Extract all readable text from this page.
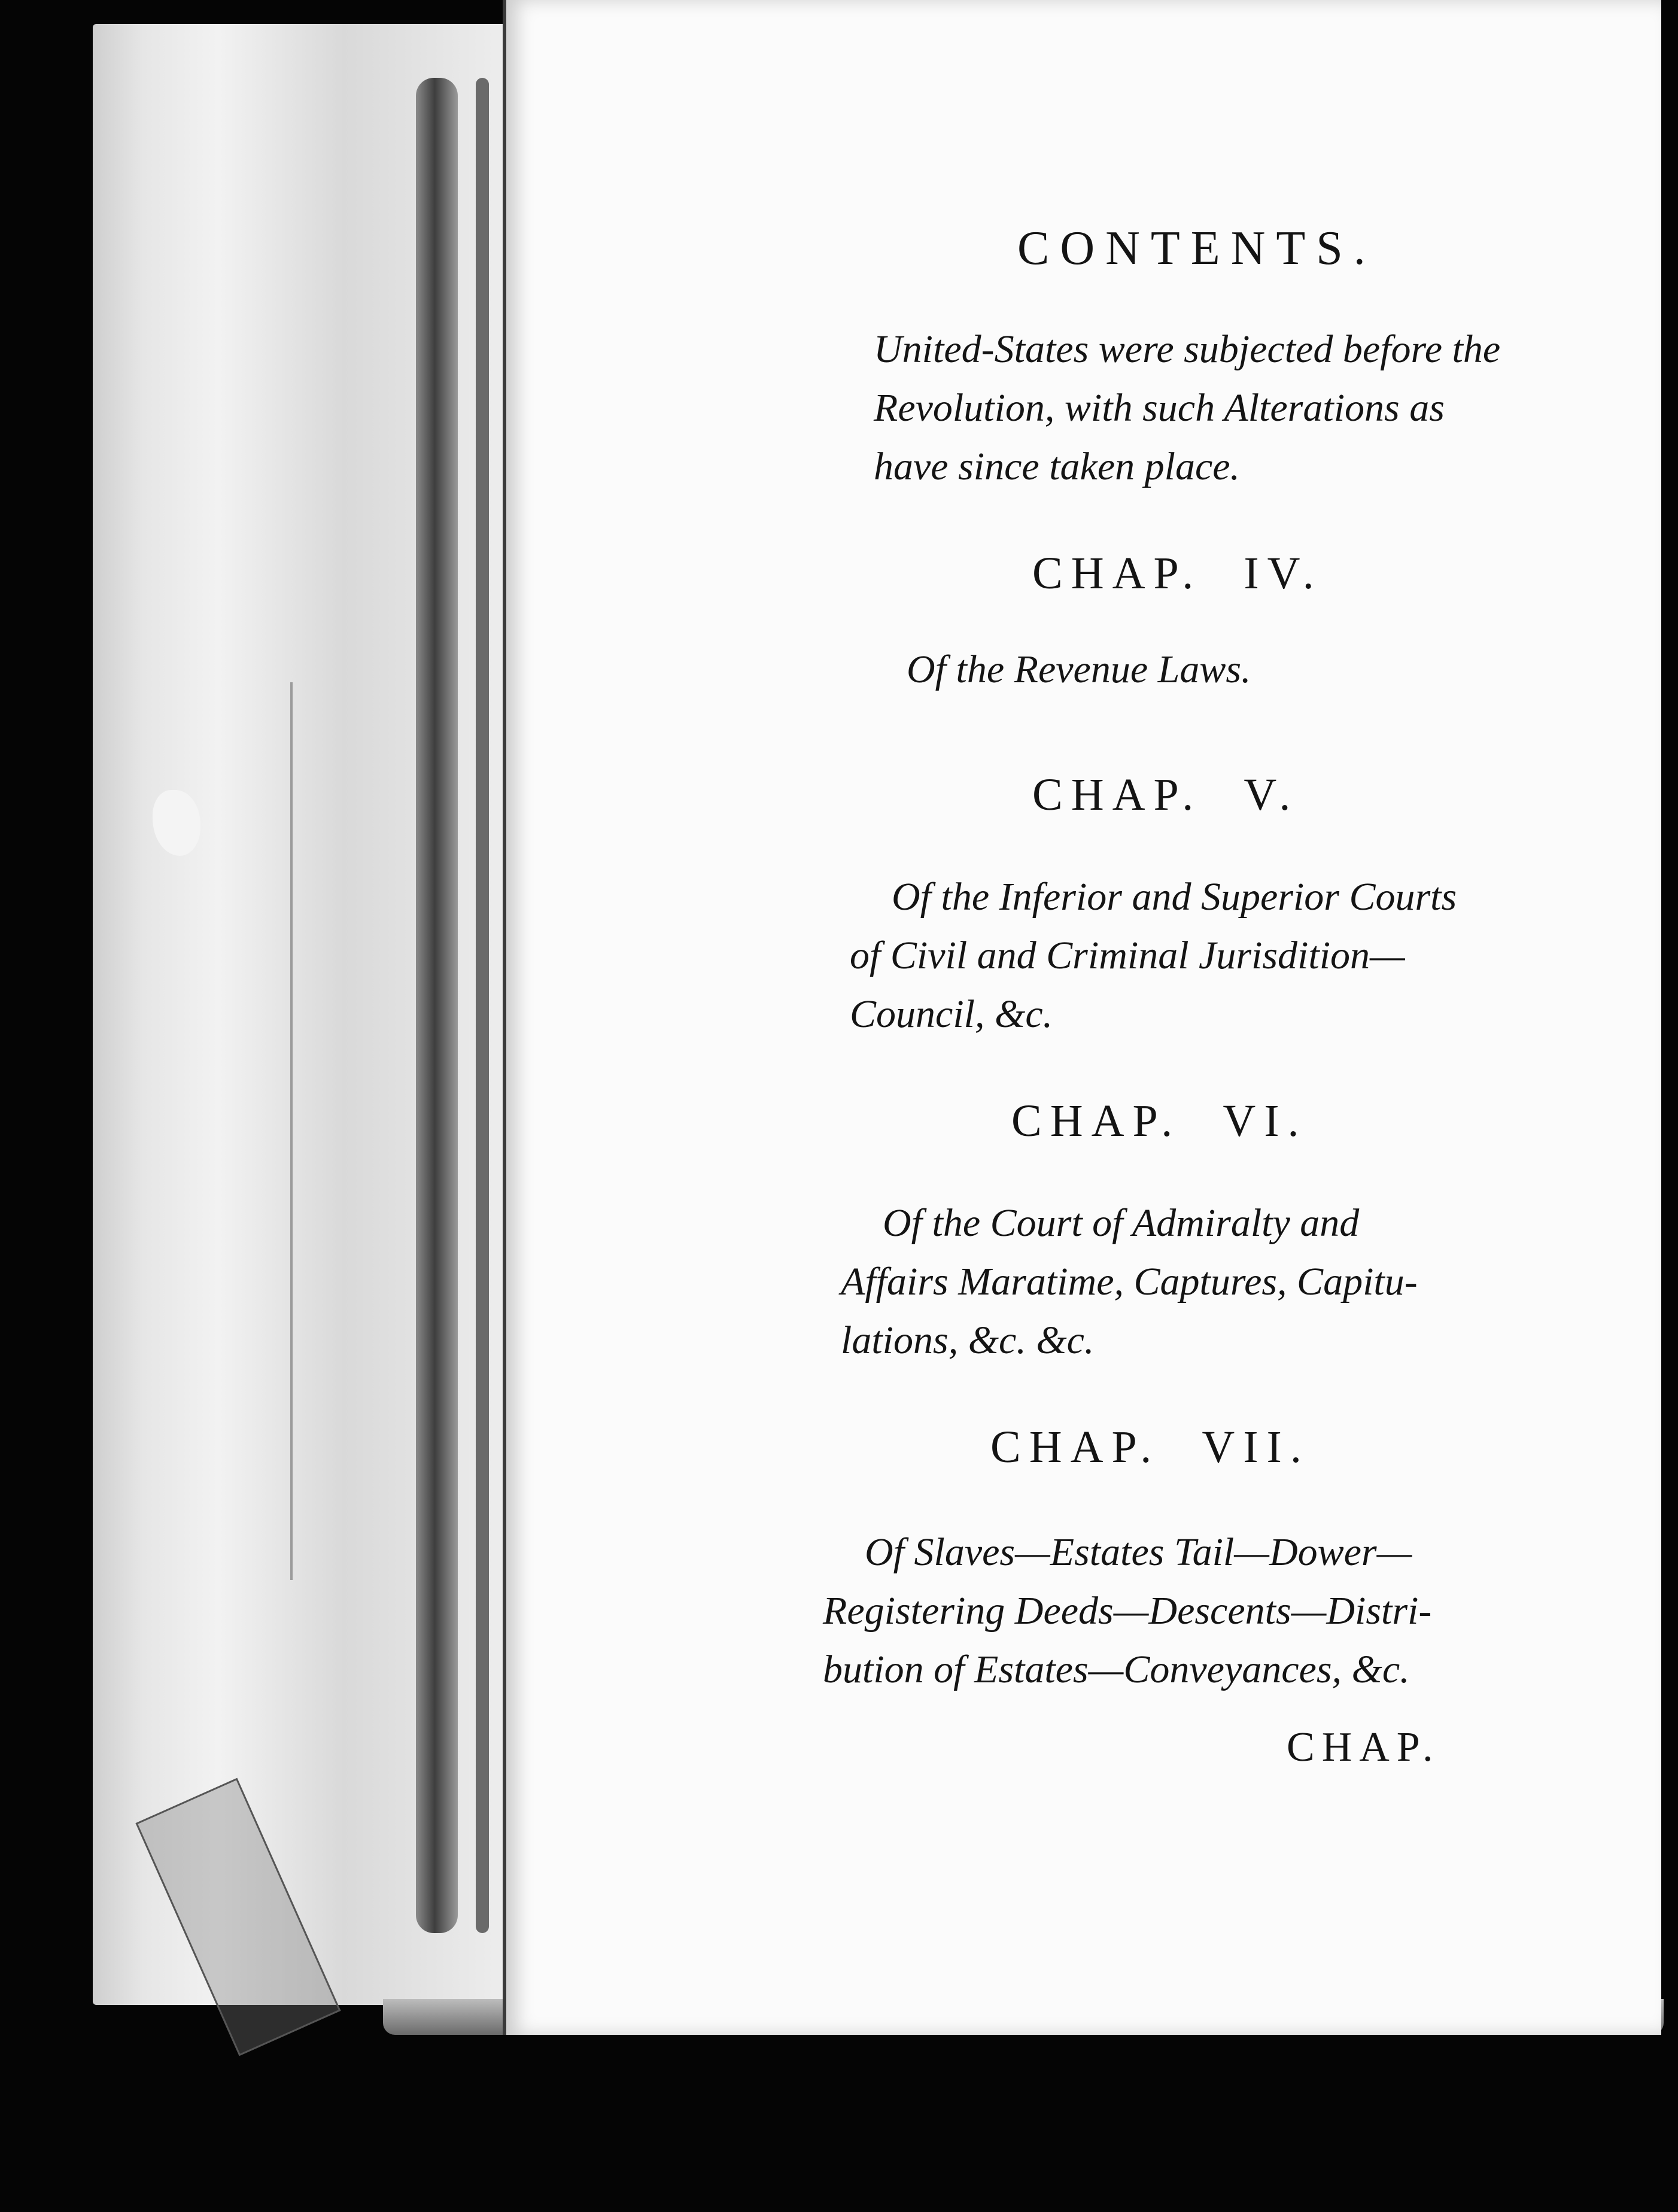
CONTENTS.
United-States were subjected before the
Revolution, with such Alterations as
have since taken place.
CHAP. IV.
Of the Revenue Laws.
CHAP. V.
Of the Inferior and Superior Courts
of Civil and Criminal Jurisdition—
Council, &c.
CHAP. VI.
Of the Court of Admiralty and
Affairs Maratime, Captures, Capitu-
lations, &c. &c.
CHAP. VII.
Of Slaves—Estates Tail—Dower—
Registering Deeds—Descents—Distri-
bution of Estates—Conveyances, &c.
CHAP.
